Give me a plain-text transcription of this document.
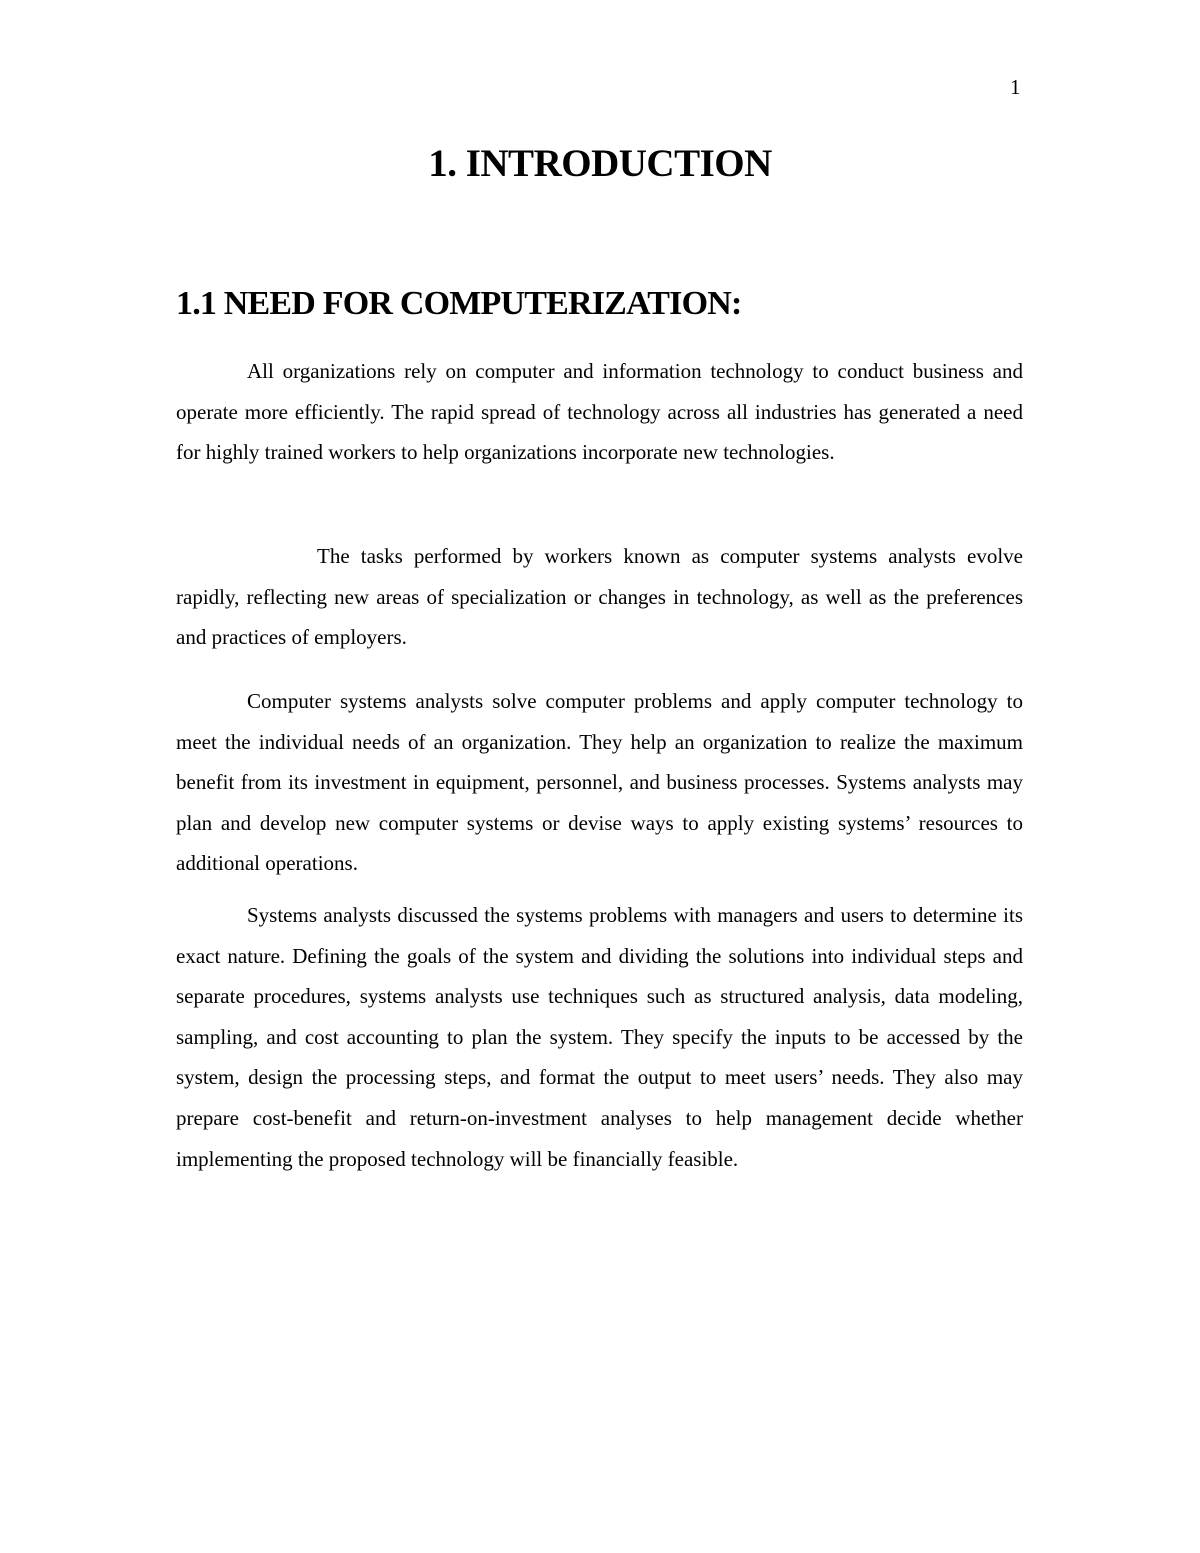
1
1. INTRODUCTION
1.1 NEED FOR COMPUTERIZATION:

All organizations rely on computer and information technology to conduct business and operate more efficiently. The rapid spread of technology across all industries has generated a need for highly trained workers to help organizations incorporate new technologies.

The tasks performed by workers known as computer systems analysts evolve rapidly, reflecting new areas of specialization or changes in technology, as well as the preferences and practices of employers.

Computer systems analysts solve computer problems and apply computer technology to meet the individual needs of an organization. They help an organization to realize the maximum benefit from its investment in equipment, personnel, and business processes. Systems analysts may plan and develop new computer systems or devise ways to apply existing systems’ resources to additional operations.

Systems analysts discussed the systems problems with managers and users to determine its exact nature. Defining the goals of the system and dividing the solutions into individual steps and separate procedures, systems analysts use techniques such as structured analysis, data modeling, sampling, and cost accounting to plan the system. They specify the inputs to be accessed by the system, design the processing steps, and format the output to meet users’ needs. They also may prepare cost-benefit and return-on-investment analyses to help management decide whether implementing the proposed technology will be financially feasible.
